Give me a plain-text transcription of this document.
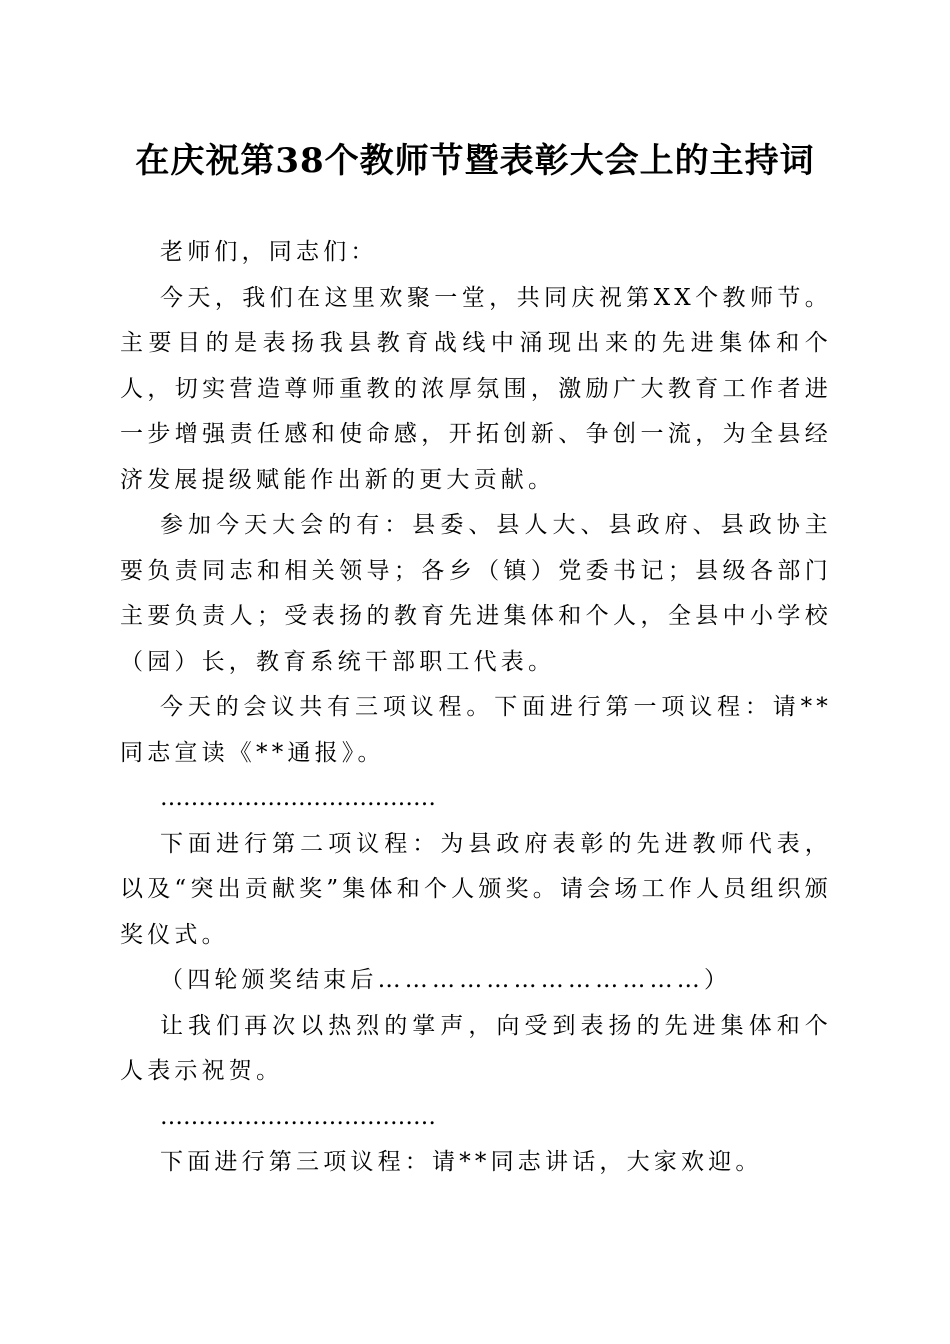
在庆祝第38个教师节暨表彰大会上的主持词

老师们，同志们：

今天，我们在这里欢聚一堂，共同庆祝第XX个教师节。主要目的是表扬我县教育战线中涌现出来的先进集体和个人，切实营造尊师重教的浓厚氛围，激励广大教育工作者进一步增强责任感和使命感，开拓创新、争创一流，为全县经济发展提级赋能作出新的更大贡献。

参加今天大会的有：县委、县人大、县政府、县政协主要负责同志和相关领导；各乡（镇）党委书记；县级各部门主要负责人；受表扬的教育先进集体和个人，全县中小学校（园）长，教育系统干部职工代表。

今天的会议共有三项议程。下面进行第一项议程：请**同志宣读《**通报》。

………………………………

下面进行第二项议程：为县政府表彰的先进教师代表，以及“突出贡献奖”集体和个人颁奖。请会场工作人员组织颁奖仪式。

（四轮颁奖结束后………………………………）

让我们再次以热烈的掌声，向受到表扬的先进集体和个人表示祝贺。

………………………………

下面进行第三项议程：请**同志讲话，大家欢迎。
